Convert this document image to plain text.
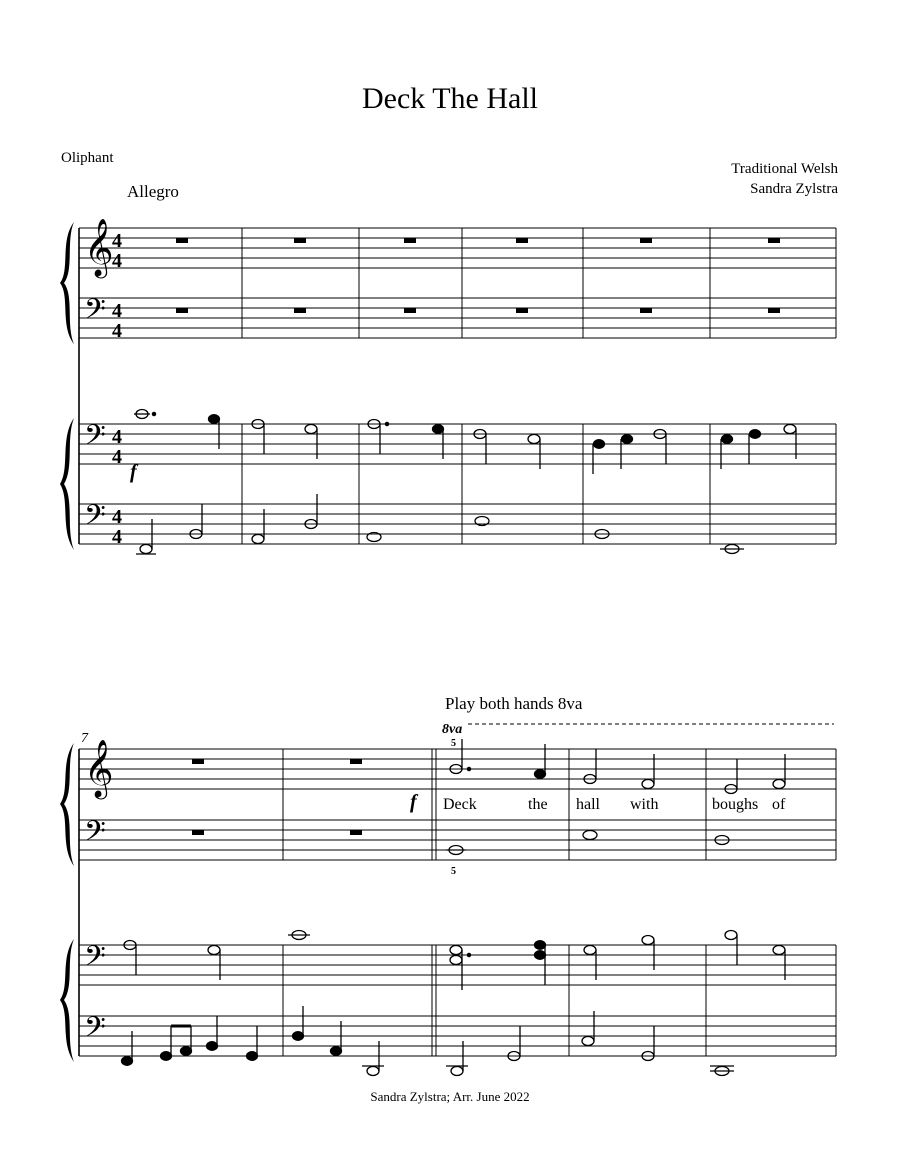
Deck The Hall
Oliphant
Traditional Welsh
Sandra Zylstra
Allegro
Play both hands 8va
Sandra Zylstra; Arr. June 2022
𝄞
𝄢
𝄢
𝄢
4
4
4
4
4
4
4
4
f
7
𝄞
𝄢
𝄢
𝄢
8va
5
f Deck	the hall with	boughs of
5
